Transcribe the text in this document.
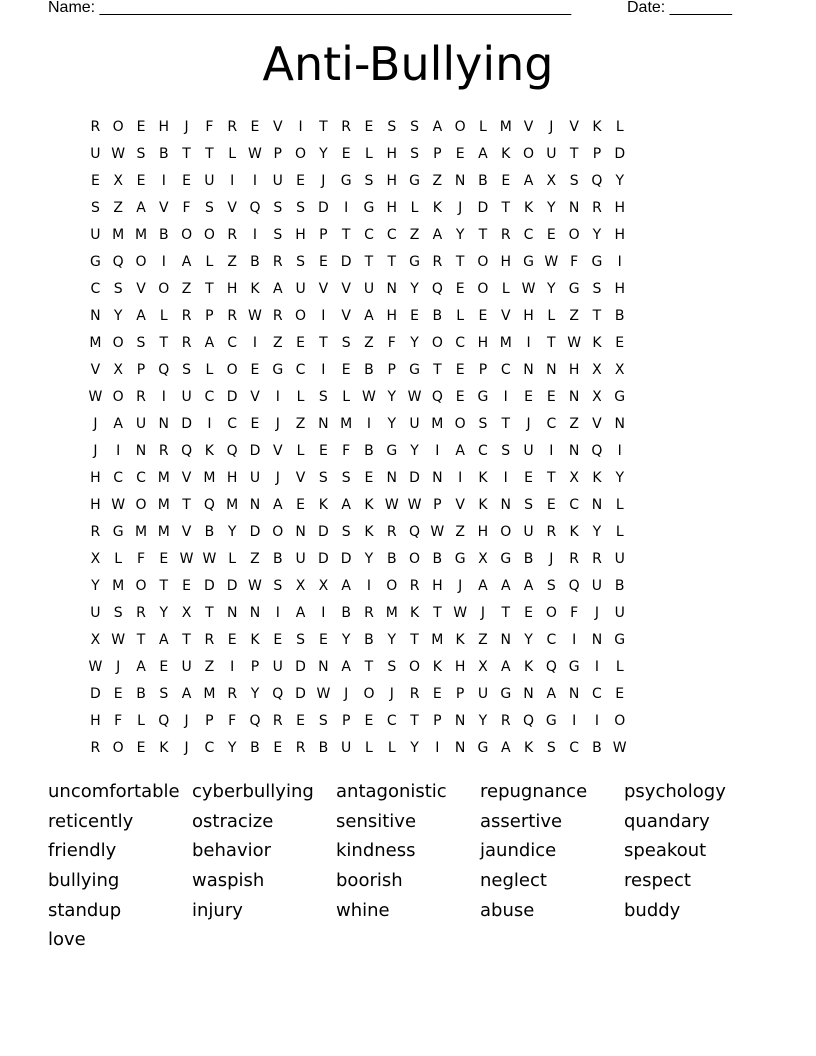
Name: _____________________________________________________	Date: _______
Anti-Bullying
R O E H	J	F R E V	I	T R E S S A O L M V	J	V K	L
U W S B T	T	L W P O Y	E	L H S	P	E A K O U T	P D
E X E	I	E U	I	I	U E	J	G S H G Z N B E A X S Q Y
S Z A V F	S V Q S S D	I	G H L	K	J	D T K Y N R H
U M M B O O R	I	S H P	T C C Z A Y	T R C E O Y H
G Q O	I	A	L	Z B R S E D T	T G R T O H G W F G	I
C S V O Z T H K A U V V U N Y Q E O L W Y G S H
N Y A	L	R P R W R O	I	V A H E B	L	E V H L	Z T B
M O S	T R A C	I	Z E	T	S Z F	Y O C H M	I	T W K E
V X P Q S	L O E G C	I	E B P G T	E	P C N N H X X
W O R	I	U C D V	I	L	S	L W Y W Q E G	I	E E N X G
J	A U N D	I	C E	J	Z N M	I	Y U M O S	T	J	C Z V N
J	I	N R Q K Q D V	L	E	F B G Y	I	A C S U	I	N Q	I
H C C M V M H U	J	V S S E N D N	I	K	I	E	T X K Y
H W O M T Q M N A E K A K W W P V K N S E C N L
R G M M V B Y D O N D S K R Q W Z H O U R K Y	L
X	L	F	E W W L	Z B U D D Y B O B G X G B	J	R R U
Y M O T	E D D W S X X A	I	O R H	J	A A A S Q U B
U S R Y X T N N	I	A	I	B R M K T W J	T	E O F	J	U
X W T A T R E K E S E	Y B Y	T M K Z N Y C	I	N G
W J	A E U Z	I	P U D N A T	S O K H X A K Q G	I	L
D E B S A M R Y Q D W J	O	J	R E	P U G N A N C E
H F	L Q	J	P	F Q R E S	P	E C T	P N Y R Q G	I	I	O
R O E K	J	C Y B E R B U L	L	Y	I	N G A K S C B W
uncomfortable cyberbullying	antagonistic	repugnance	psychology
reticently	ostracize	sensitive	assertive	quandary
friendly	behavior	kindness	jaundice	speakout
bullying	waspish	boorish	neglect	respect
standup	injury	whine	abuse	buddy
love
